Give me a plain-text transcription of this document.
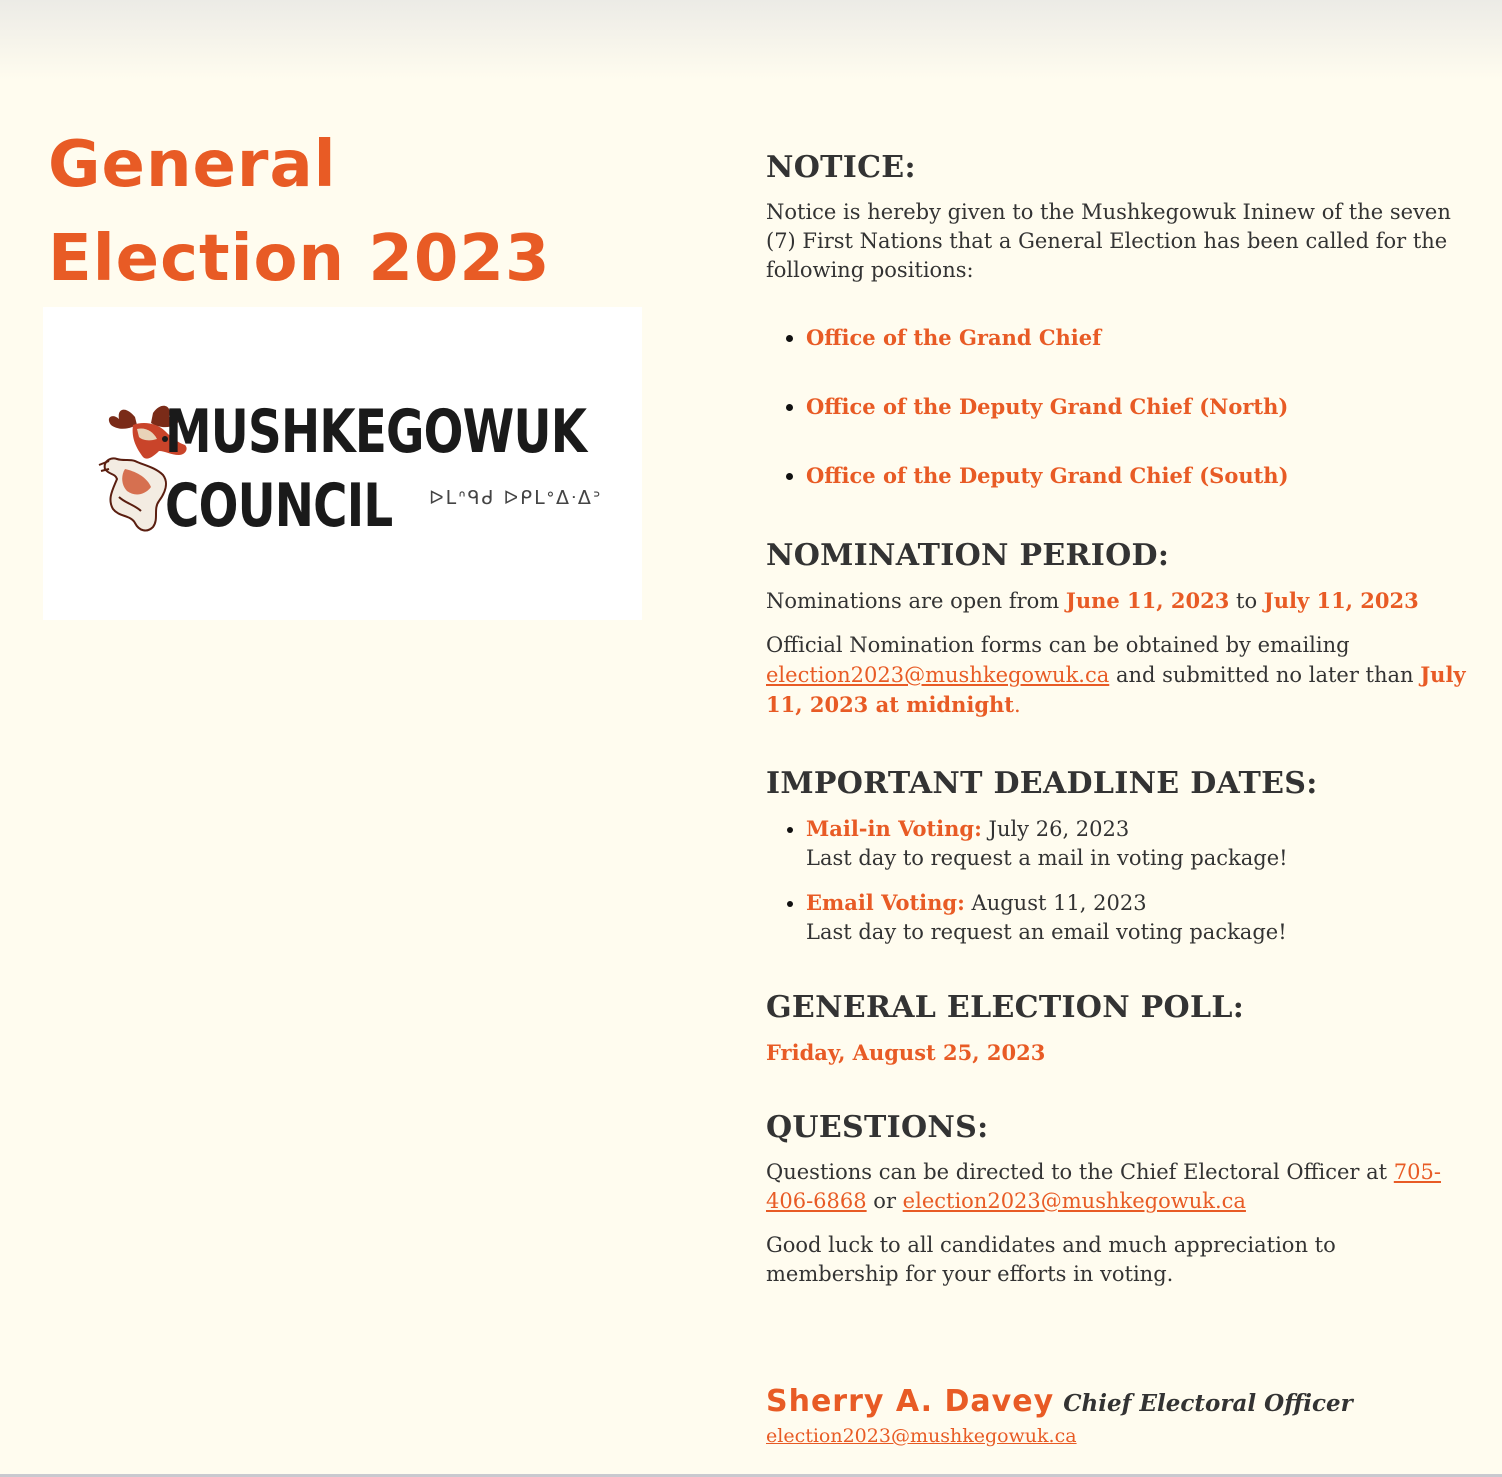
General
Election 2023
MUSHKEGOWUK
COUNCIL ᐅᒪᐢᑫᑯ ᐅᑭᒪᐤᐃᐧᐃᐣ
NOTICE:

Notice is hereby given to the Mushkegowuk Ininew of the seven (7) First Nations that a General Election has been called for the following positions:

• Office of the Grand Chief
• Office of the Deputy Grand Chief (North)
• Office of the Deputy Grand Chief (South)
NOMINATION PERIOD:

Nominations are open from June 11, 2023 to July 11, 2023

Official Nomination forms can be obtained by emailing election2023@mushkegowuk.ca and submitted no later than July 11, 2023 at midnight.

IMPORTANT DEADLINE DATES:
• Mail-in Voting: July 26, 2023
Last day to request a mail in voting package!
• Email Voting: August 11, 2023
Last day to request an email voting package!
GENERAL ELECTION POLL:

Friday, August 25, 2023

QUESTIONS:

Questions can be directed to the Chief Electoral Officer at 705-406-6868 or election2023@mushkegowuk.ca

Good luck to all candidates and much appreciation to membership for your efforts in voting.

Sherry A. Davey Chief Electoral Officer
election2023@mushkegowuk.ca
